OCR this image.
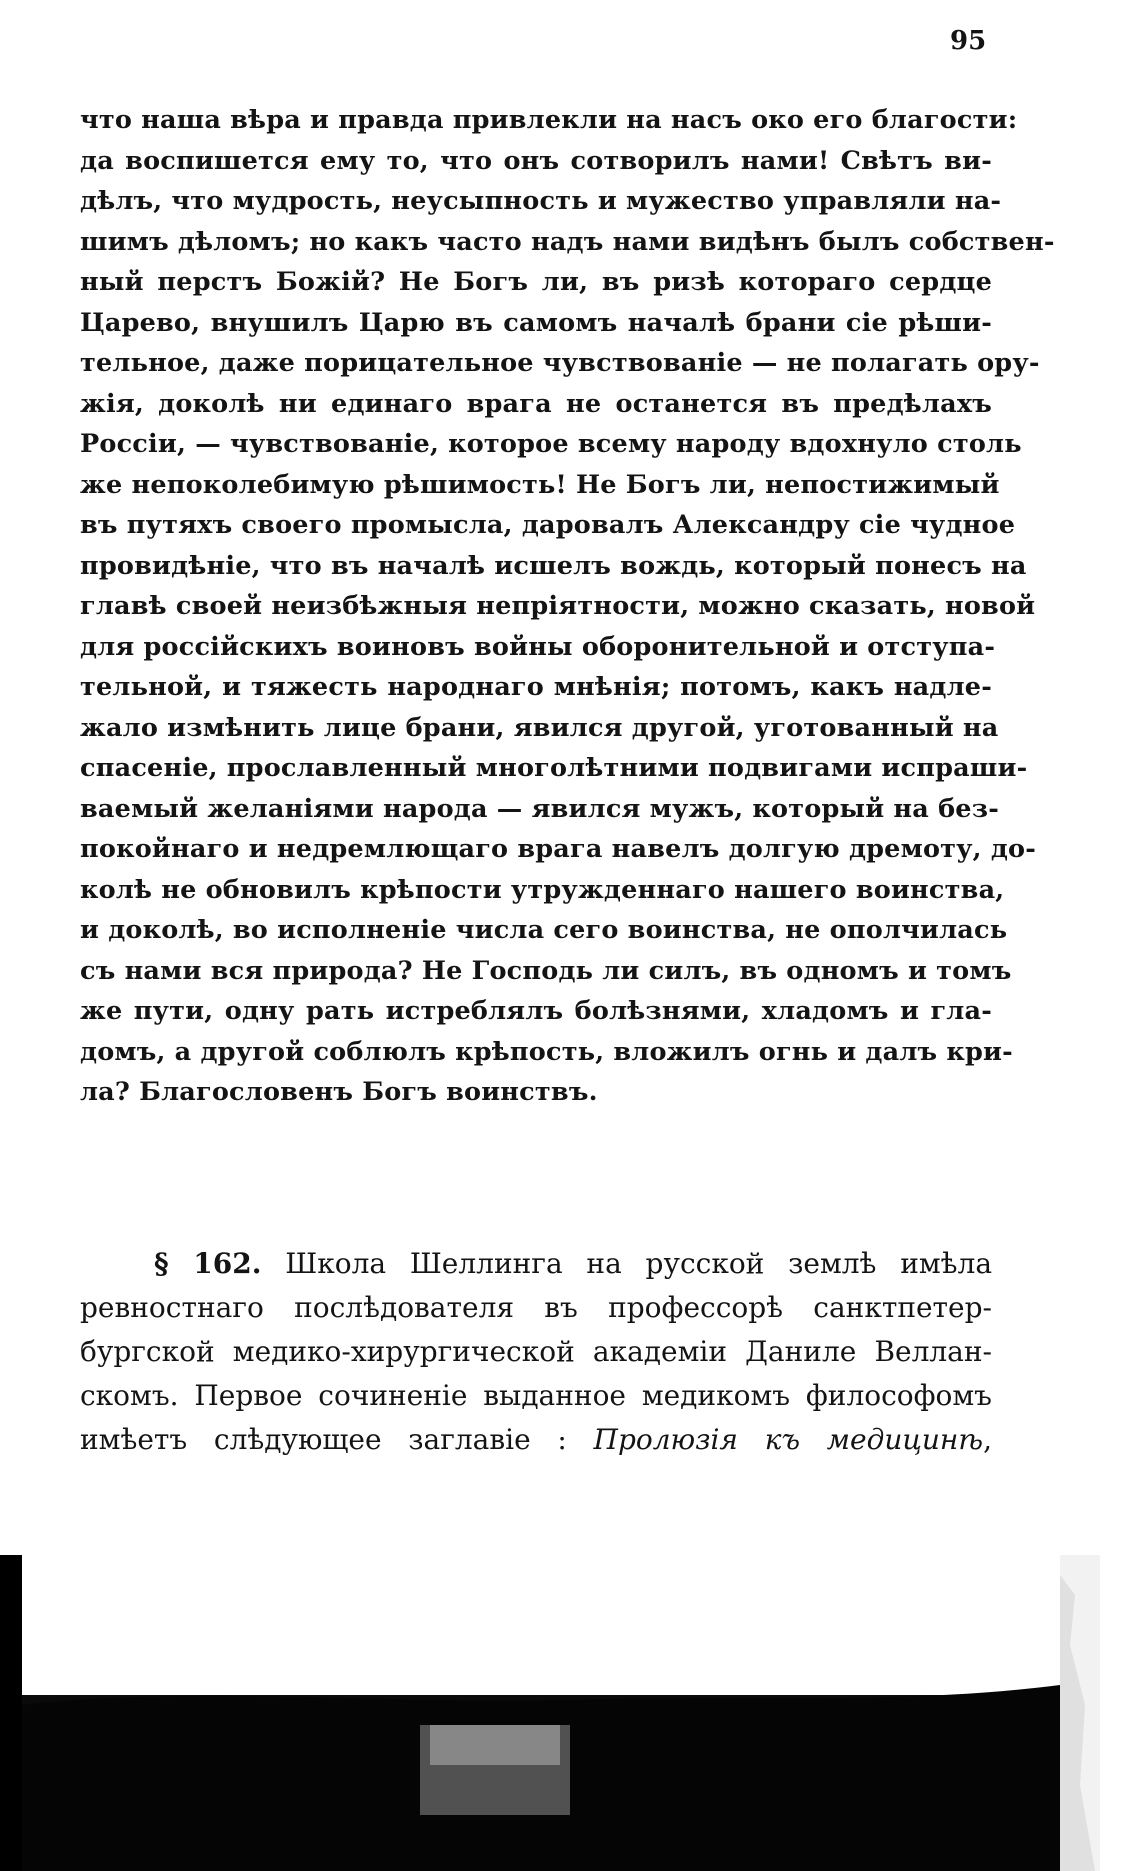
95
что наша вѣра и правда привлекли на насъ око его благости:
да воспишется ему то, что онъ сотворилъ нами! Свѣтъ ви-
дѣлъ, что мудрость, неусыпность и мужество управляли на-
шимъ дѣломъ; но какъ часто надъ нами видѣнъ былъ собствен-
ный перстъ Божій? Не Богъ ли, въ ризѣ котораго сердце
Царево, внушилъ Царю въ самомъ началѣ брани сіе рѣши-
тельное, даже порицательное чувствованіе — не полагать ору-
жія, доколѣ ни единаго врага не останется въ предѣлахъ
Россіи, — чувствованіе, которое всему народу вдохнуло столь
же непоколебимую рѣшимость! Не Богъ ли, непостижимый
въ путяхъ своего промысла, даровалъ Александру сіе чудное
провидѣніе, что въ началѣ исшелъ вождь, который понесъ на
главѣ своей неизбѣжныя непріятности, можно сказать, новой
для россійскихъ воиновъ войны оборонительной и отступа-
тельной, и тяжесть народнаго мнѣнія; потомъ, какъ надле-
жало измѣнить лице брани, явился другой, уготованный на
спасеніе, прославленный многолѣтними подвигами испраши-
ваемый желаніями народа — явился мужъ, который на без-
покойнаго и недремлющаго врага навелъ долгую дремоту, до-
колѣ не обновилъ крѣпости утружденнаго нашего воинства,
и доколѣ, во исполненіе числа сего воинства, не ополчилась
съ нами вся природа? Не Господь ли силъ, въ одномъ и томъ
же пути, одну рать истреблялъ болѣзнями, хладомъ и гла-
домъ, а другой соблюлъ крѣпость, вложилъ огнь и далъ кри-
ла? Благословенъ Богъ воинствъ.
§ 162. Школа Шеллинга на русской землѣ имѣла
ревностнаго послѣдователя въ профессорѣ санктпетер-
бургской медико-хирургической академіи Даниле Веллан-
скомъ. Первое сочиненіе выданное медикомъ философомъ
имѣетъ слѣдующее заглавіе : Пролюзія къ медицинѣ,
